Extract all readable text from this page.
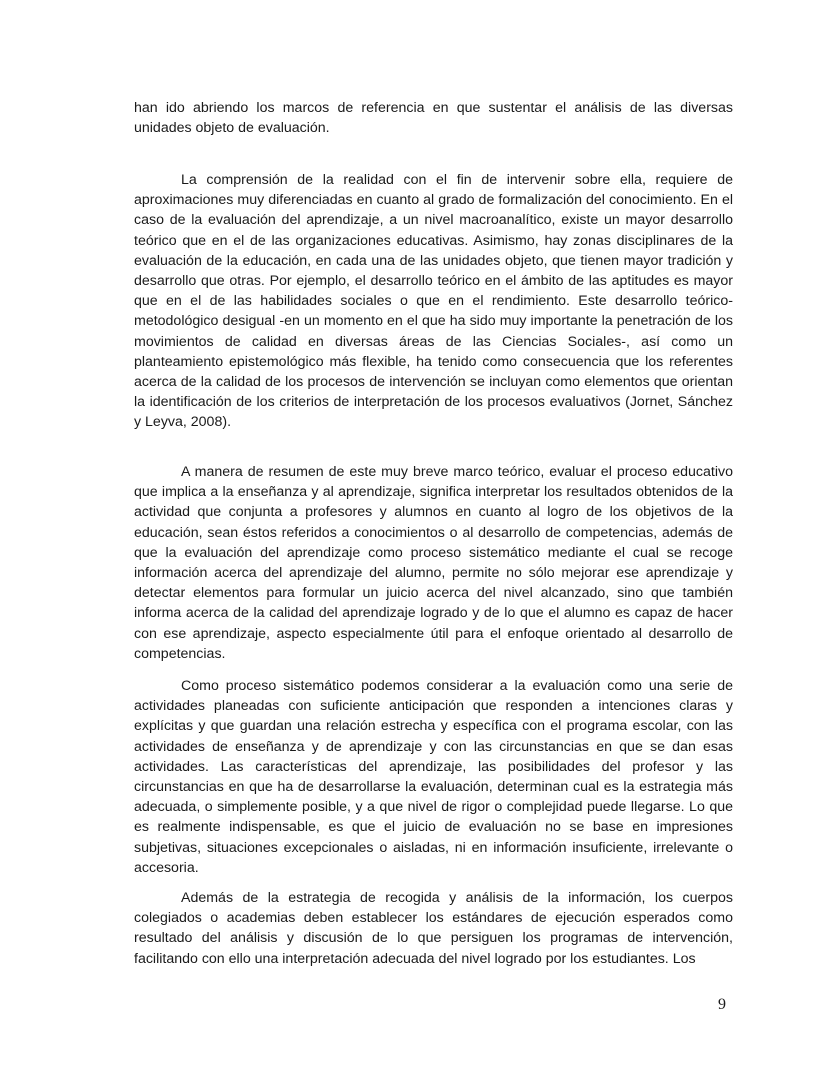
han ido abriendo los marcos de referencia en que sustentar el análisis de las diversas unidades objeto de evaluación.

La comprensión de la realidad con el fin de intervenir sobre ella, requiere de aproximaciones muy diferenciadas en cuanto al grado de formalización del conocimiento. En el caso de la evaluación del aprendizaje, a un nivel macroanalítico, existe un mayor desarrollo teórico que en el de las organizaciones educativas. Asimismo, hay zonas disciplinares de la evaluación de la educación, en cada una de las unidades objeto, que tienen mayor tradición y desarrollo que otras. Por ejemplo, el desarrollo teórico en el ámbito de las aptitudes es mayor que en el de las habilidades sociales o que en el rendimiento. Este desarrollo teórico-metodológico desigual -en un momento en el que ha sido muy importante la penetración de los movimientos de calidad en diversas áreas de las Ciencias Sociales-, así como un planteamiento epistemológico más flexible, ha tenido como consecuencia que los referentes acerca de la calidad de los procesos de intervención se incluyan como elementos que orientan la identificación de los criterios de interpretación de los procesos evaluativos (Jornet, Sánchez y Leyva, 2008).

A manera de resumen de este muy breve marco teórico, evaluar el proceso educativo que implica a la enseñanza y al aprendizaje, significa interpretar los resultados obtenidos de la actividad que conjunta a profesores y alumnos en cuanto al logro de los objetivos de la educación, sean éstos referidos a conocimientos o al desarrollo de competencias, además de que la evaluación del aprendizaje como proceso sistemático mediante el cual se recoge información acerca del aprendizaje del alumno, permite no sólo mejorar ese aprendizaje y detectar elementos para formular un juicio acerca del nivel alcanzado, sino que también informa acerca de la calidad del aprendizaje logrado y de lo que el alumno es capaz de hacer con ese aprendizaje, aspecto especialmente útil para el enfoque orientado al desarrollo de competencias.

Como proceso sistemático podemos considerar a la evaluación como una serie de actividades planeadas con suficiente anticipación que responden a intenciones claras y explícitas y que guardan una relación estrecha y específica con el programa escolar, con las actividades de enseñanza y de aprendizaje y con las circunstancias en que se dan esas actividades. Las características del aprendizaje, las posibilidades del profesor y las circunstancias en que ha de desarrollarse la evaluación, determinan cual es la estrategia más adecuada, o simplemente posible, y a que nivel de rigor o complejidad puede llegarse. Lo que es realmente indispensable, es que el juicio de evaluación no se base en impresiones subjetivas, situaciones excepcionales o aisladas, ni en información insuficiente, irrelevante o accesoria.

Además de la estrategia de recogida y análisis de la información, los cuerpos colegiados o academias deben establecer los estándares de ejecución esperados como resultado del análisis y discusión de lo que persiguen los programas de intervención, facilitando con ello una interpretación adecuada del nivel logrado por los estudiantes. Los

9
